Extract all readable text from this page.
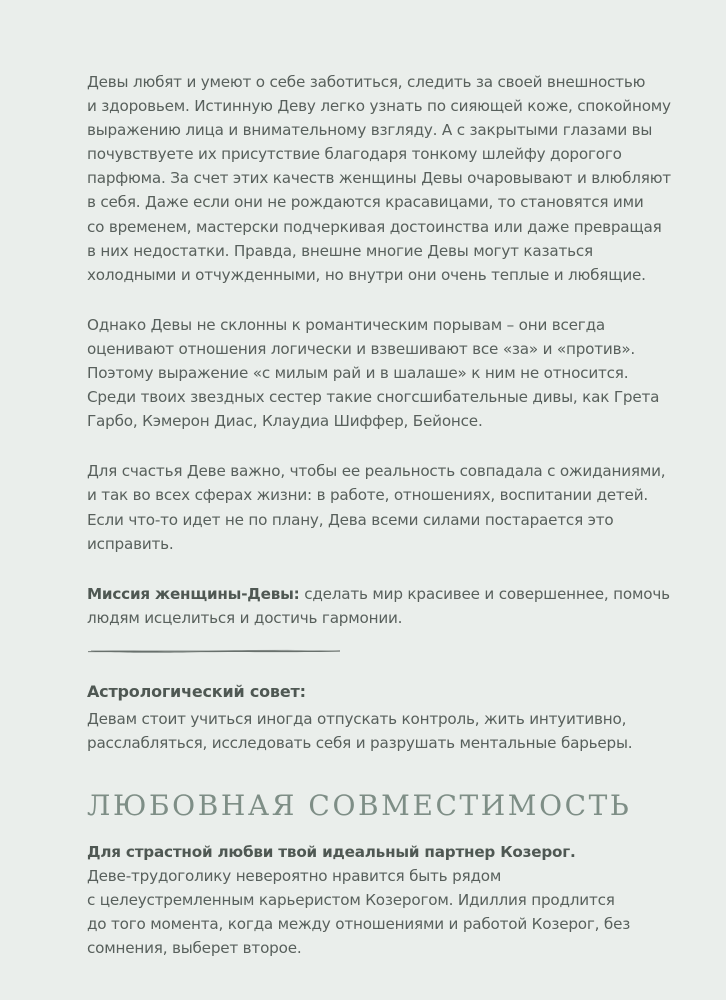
Девы любят и умеют о себе заботиться, следить за своей внешностью
и здоровьем. Истинную Деву легко узнать по сияющей коже, спокойному
выражению лица и внимательному взгляду. А с закрытыми глазами вы
почувствуете их присутствие благодаря тонкому шлейфу дорогого
парфюма. За счет этих качеств женщины Девы очаровывают и влюбляют
в себя. Даже если они не рождаются красавицами, то становятся ими
со временем, мастерски подчеркивая достоинства или даже превращая
в них недостатки. Правда, внешне многие Девы могут казаться
холодными и отчужденными, но внутри они очень теплые и любящие.

Однако Девы не склонны к романтическим порывам – они всегда
оценивают отношения логически и взвешивают все «за» и «против».
Поэтому выражение «с милым рай и в шалаше» к ним не относится.
Среди твоих звездных сестер такие сногсшибательные дивы, как Грета
Гарбо, Кэмерон Диас, Клаудиа Шиффер, Бейонсе.

Для счастья Деве важно, чтобы ее реальность совпадала с ожиданиями,
и так во всех сферах жизни: в работе, отношениях, воспитании детей.
Если что-то идет не по плану, Дева всеми силами постарается это
исправить.

Миссия женщины-Девы: сделать мир красивее и совершеннее, помочь
людям исцелиться и достичь гармонии.

Астрологический совет:

Девам стоит учиться иногда отпускать контроль, жить интуитивно,
расслабляться, исследовать себя и разрушать ментальные барьеры.

ЛЮБОВНАЯ СОВМЕСТИМОСТЬ

Для страстной любви твой идеальный партнер Козерог.
Деве-трудоголику невероятно нравится быть рядом
с целеустремленным карьеристом Козерогом. Идиллия продлится
до того момента, когда между отношениями и работой Козерог, без
сомнения, выберет второе.
